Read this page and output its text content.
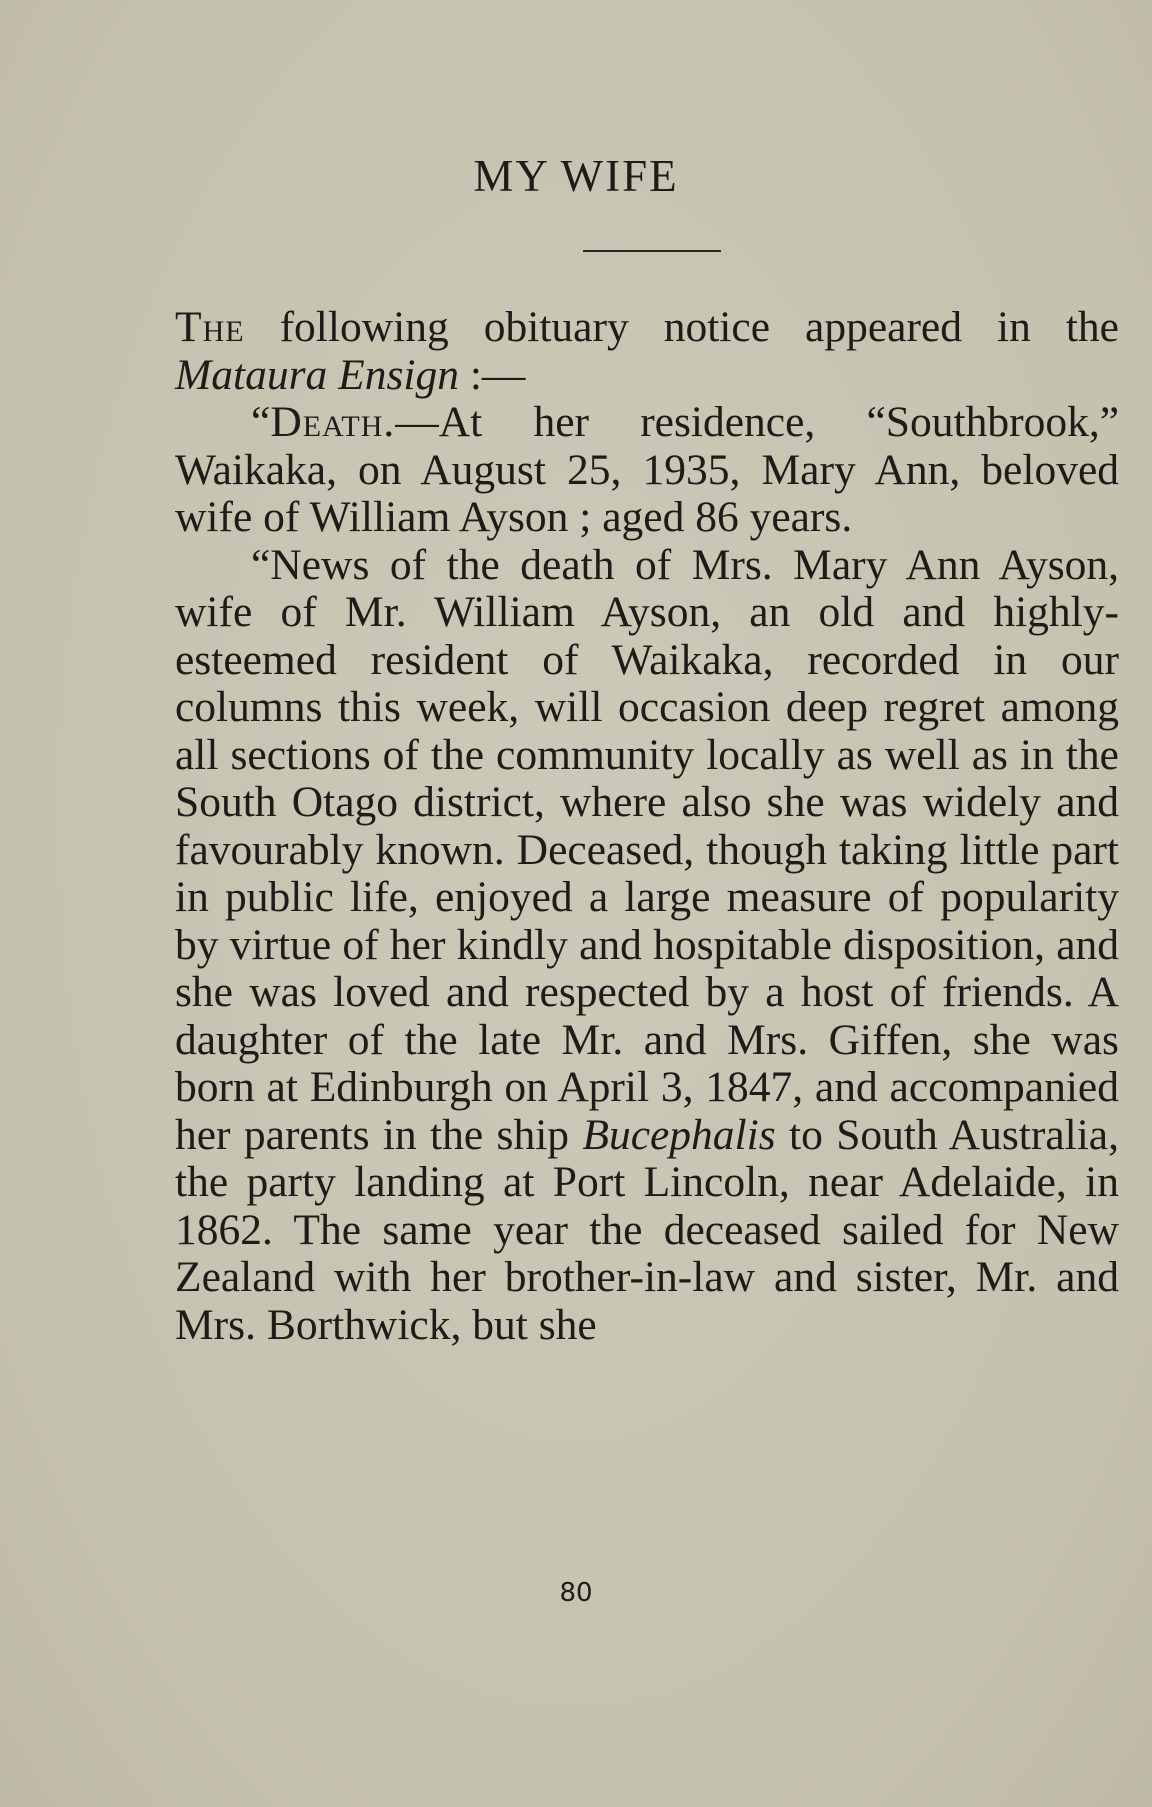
MY WIFE

The following obituary notice appeared in the Mataura Ensign :—

“Death.—At her residence, “Southbrook,” Waikaka, on August 25, 1935, Mary Ann, beloved wife of William Ayson ; aged 86 years.

“News of the death of Mrs. Mary Ann Ayson, wife of Mr. William Ayson, an old and highly-esteemed resident of Waikaka, recorded in our columns this week, will occasion deep regret among all sections of the community locally as well as in the South Otago district, where also she was widely and favourably known. Deceased, though taking little part in public life, enjoyed a large measure of popularity by virtue of her kindly and hospitable disposition, and she was loved and respected by a host of friends. A daughter of the late Mr. and Mrs. Giffen, she was born at Edinburgh on April 3, 1847, and accompanied her parents in the ship Bucephalis to South Australia, the party landing at Port Lincoln, near Adelaide, in 1862. The same year the deceased sailed for New Zealand with her brother-in-law and sister, Mr. and Mrs. Borthwick, but she

80
